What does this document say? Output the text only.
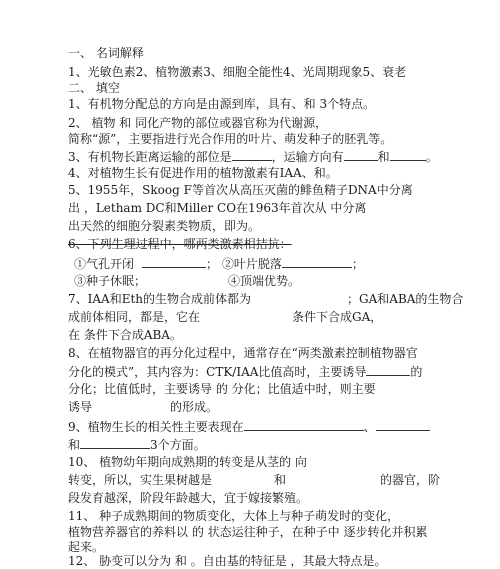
一、 名词解释
1、光敏色素2、植物激素3、细胞全能性4、光周期现象5、衰老
二、 填空
1、有机物分配总的方向是由源到库，具有、和 3个特点。
2、 植物 和 同化产物的部位或器官称为代谢源，
简称“源”，主要指进行光合作用的叶片、萌发种子的胚乳等。
3、有机物长距离运输的部位是	，运输方向有	和	。
4、对植物生长有促进作用的植物激素有IAA、和。
5、1955年，Skoog F等首次从高压灭菌的鲱鱼精子DNA中分离
出 ，Letham DC和Miller CO在1963年首次从 中分离
出天然的细胞分裂素类物质，即为。
6、下列生理过程中，哪两类激素相拮抗：
①气孔开闭	； ②叶片脱落	；
③种子休眠；	④顶端优势。
7、IAA和Eth的生物合成前体都为	；GA和ABA的生物合
成前体相同，都是，它在	条件下合成GA，
在 条件下合成ABA。
8、在植物器官的再分化过程中，通常存在“两类激素控制植物器官
分化的模式”，其内容为：CTK/IAA比值高时，主要诱导	的
分化；比值低时，主要诱导 的 分化；比值适中时，则主要
诱导	的形成。
9、植物生长的相关性主要表现在	、
和	3个方面。
10、 植物幼年期向成熟期的转变是从茎的 向
转变，所以，实生果树越是	和	的器官，阶
段发育越深，阶段年龄越大，宜于嫁接繁殖。
11、 种子成熟期间的物质变化，大体上与种子萌发时的变化，
植物营养器官的养料以 的 状态运往种子，在种子中 逐步转化并积累
起来。
12、 胁变可以分为 和 。自由基的特征是 ，其最大特点是。
